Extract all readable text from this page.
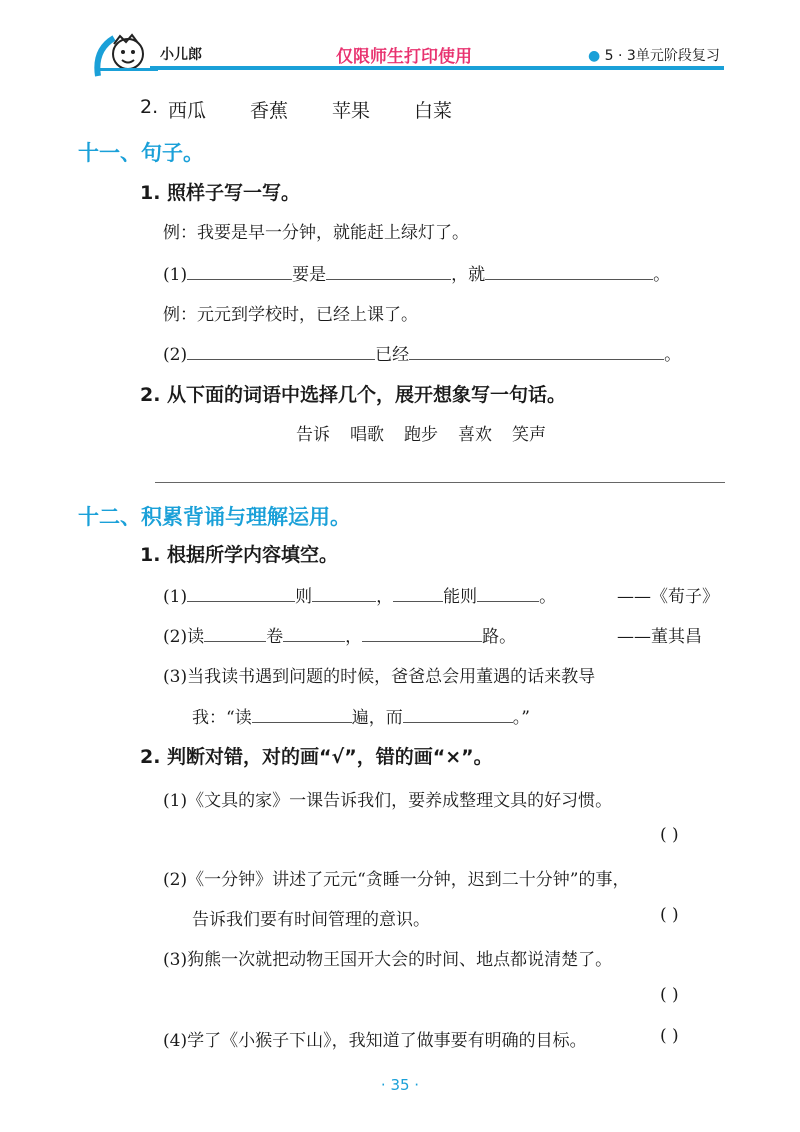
小儿郎	仅限师生打印使用	● 5 · 3单元阶段复习
2. 西瓜 香蕉 苹果 白菜
十一、句子。
1. 照样子写一写。
例：我要是早一分钟，就能赶上绿灯了。
(1)	要是	，就	。
例：元元到学校时，已经上课了。
(2)	已经	。
2. 从下面的词语中选择几个，展开想象写一句话。
告诉 唱歌 跑步 喜欢 笑声
十二、积累背诵与理解运用。
1. 根据所学内容填空。
(1)	则	，	能则	。	——《荀子》
(2)读	卷	，	路。	——董其昌
(3)当我读书遇到问题的时候，爸爸总会用董遇的话来教导
我：“读	遍，而	。”
2. 判断对错，对的画“√”，错的画“×”。
(1)《文具的家》一课告诉我们，要养成整理文具的好习惯。
( )
(2)《一分钟》讲述了元元“贪睡一分钟，迟到二十分钟”的事，
告诉我们要有时间管理的意识。	( )
(3)狗熊一次就把动物王国开大会的时间、地点都说清楚了。
( )
(4)学了《小猴子下山》，我知道了做事要有明确的目标。	( )
· 35 ·
